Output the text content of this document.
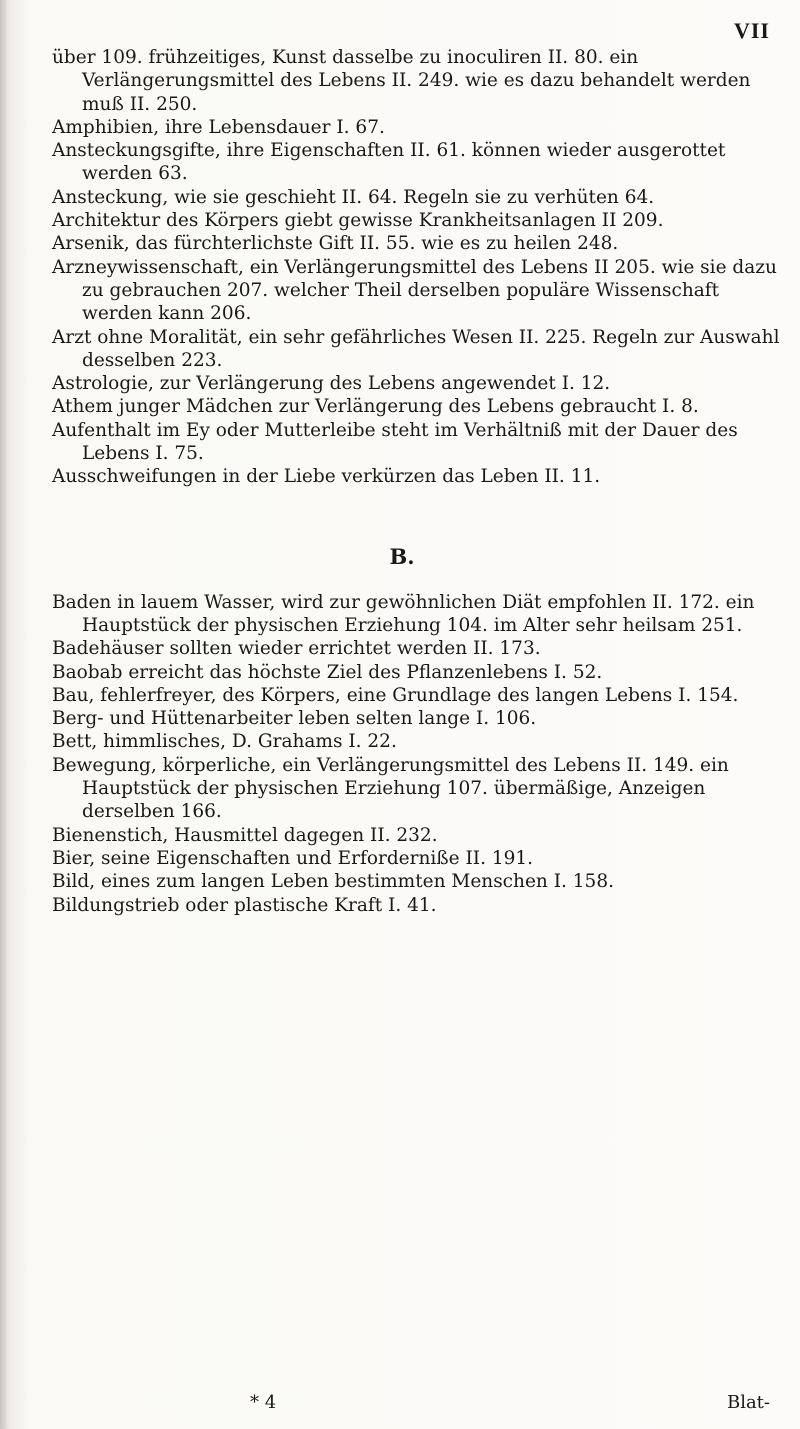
VII

über 109. frühzeitiges, Kunst dasselbe zu inoculiren II. 80. ein Verlängerungsmittel des Lebens II. 249. wie es dazu behandelt werden muß II. 250.

Amphibien, ihre Lebensdauer I. 67.

Ansteckungsgifte, ihre Eigenschaften II. 61. können wieder ausgerottet werden 63.

Ansteckung, wie sie geschieht II. 64. Regeln sie zu verhüten 64.

Architektur des Körpers giebt gewisse Krankheitsanlagen II 209.

Arsenik, das fürchterlichste Gift II. 55. wie es zu heilen 248.

Arzneywissenschaft, ein Verlängerungsmittel des Lebens II 205. wie sie dazu zu gebrauchen 207. welcher Theil derselben populäre Wissenschaft werden kann 206.

Arzt ohne Moralität, ein sehr gefährliches Wesen II. 225. Regeln zur Auswahl desselben 223.

Astrologie, zur Verlängerung des Lebens angewendet I. 12.

Athem junger Mädchen zur Verlängerung des Lebens gebraucht I. 8.

Aufenthalt im Ey oder Mutterleibe steht im Verhältniß mit der Dauer des Lebens I. 75.

Ausschweifungen in der Liebe verkürzen das Leben II. 11.

B.

Baden in lauem Wasser, wird zur gewöhnlichen Diät empfohlen II. 172. ein Hauptstück der physischen Erziehung 104. im Alter sehr heilsam 251.

Badehäuser sollten wieder errichtet werden II. 173.

Baobab erreicht das höchste Ziel des Pflanzenlebens I. 52.

Bau, fehlerfreyer, des Körpers, eine Grundlage des langen Lebens I. 154.

Berg- und Hüttenarbeiter leben selten lange I. 106.

Bett, himmlisches, D. Grahams I. 22.

Bewegung, körperliche, ein Verlängerungsmittel des Lebens II. 149. ein Hauptstück der physischen Erziehung 107. übermäßige, Anzeigen derselben 166.

Bienenstich, Hausmittel dagegen II. 232.

Bier, seine Eigenschaften und Erforderniße II. 191.

Bild, eines zum langen Leben bestimmten Menschen I. 158.

Bildungstrieb oder plastische Kraft I. 41.

* 4	Blat-
